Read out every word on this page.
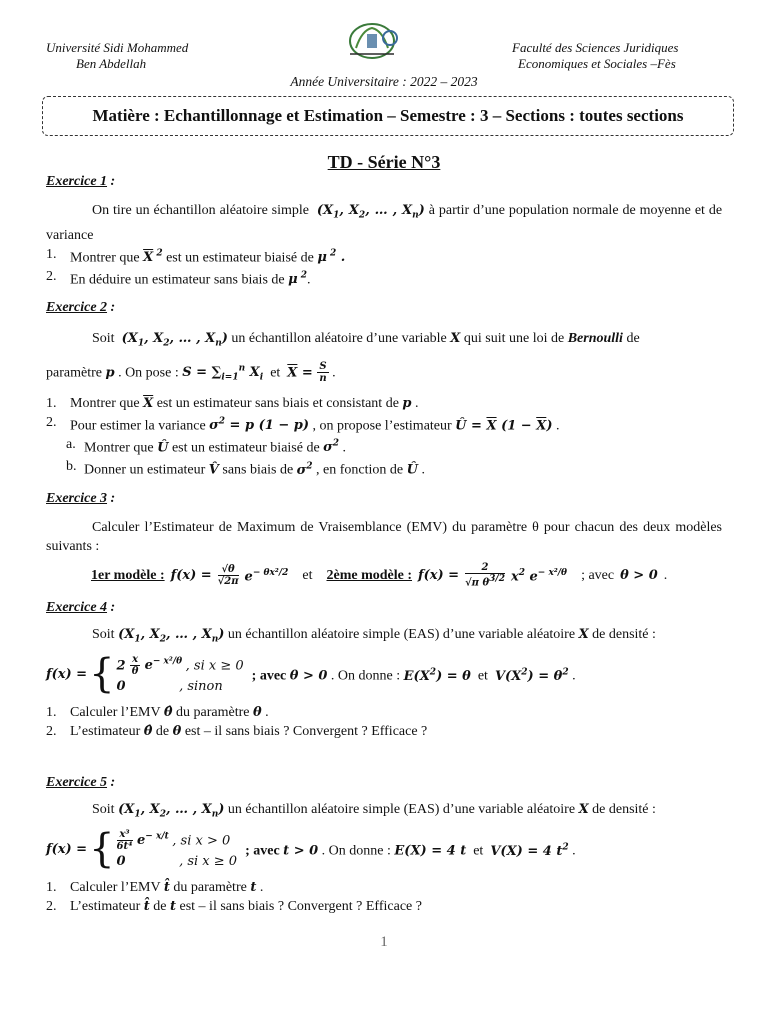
Université Sidi Mohammed
Ben Abdellah
Faculté des Sciences Juridiques
Economiques et Sociales –Fès
Année Universitaire : 2022 – 2023
Matière : Echantillonnage et Estimation – Semestre : 3 – Sections : toutes sections
TD - Série N°3
Exercice 1 :
On tire un échantillon aléatoire simple ($X_1$, $X_2$, … , $X_n$) à partir d’une population normale de moyenne et de variance
1. Montrer que $\overline{X}$ $^2$ est un estimateur biaisé de μ $^2$ .
2. En déduire un estimateur sans biais de μ $^2$.
Exercice 2 :
Soit ($X_1$, $X_2$, … , $X_n$) un échantillon aléatoire d’une variable X qui suit une loi de Bernoulli de
paramètre p . On pose : $S = \sum_{i=1}^n$ $X_i$ et $\overline{X} = \frac{S}{n}$ .
1. Montrer que $\overline{X}$ est un estimateur sans biais et consistant de p .
2. Pour estimer la variance $\sigma^2 = p$ (1 − p) , on propose l’estimateur Û = $\overline{X}$ $(1 - \overline{X})$ .
a. Montrer que Û est un estimateur biaisé de $\sigma^2$ .
b. Donner un estimateur V̂ sans biais de $\sigma^2$ , en fonction de Û .
Exercice 3 :
Calculer l’Estimateur de Maximum de Vraisemblance (EMV) du paramètre θ pour chacun des deux modèles suivants :
1er modèle : $f(x) = \frac{√\theta}{√2\pi} e^{- \theta x^2/2}$ et 2ème modèle : $f(x) = \frac{2}{√\pi \theta^{3/2}} x^2$ $e^{- x^2/\theta}$ ; avec θ > 0 .
Exercice 4 :
Soit ($X_1$, $X_2$, … , $X_n$) un échantillon aléatoire simple (EAS) d’une variable aléatoire X de densité :
f(x) = { $2 \frac{x}{\theta} e^{- x^2/\theta}$ , si x ≥ 0
0	, sinon
; avec θ > 0 . On donne : $E(X^2) = \theta$ et $V(X^2) = \theta^2$ .
1. Calculer l’EMV θ̂ du paramètre θ .
2. L’estimateur θ̂ de θ est – il sans biais ? Convergent ? Efficace ?
Exercice 5 :
Soit ($X_1$, $X_2$, … , $X_n$) un échantillon aléatoire simple (EAS) d’une variable aléatoire X de densité :
f(x) = { $\frac{\text{x³}}{\text{6t⁴}} e^{- x/t}$ , si x > 0
0	, si x ≥ 0
; avec t > 0 . On donne : E(X) = 4 t et V(X) = 4 $t^2$ .
1. Calculer l’EMV t̂ du paramètre t .
2. L’estimateur t̂ de t est – il sans biais ? Convergent ? Efficace ?
1
